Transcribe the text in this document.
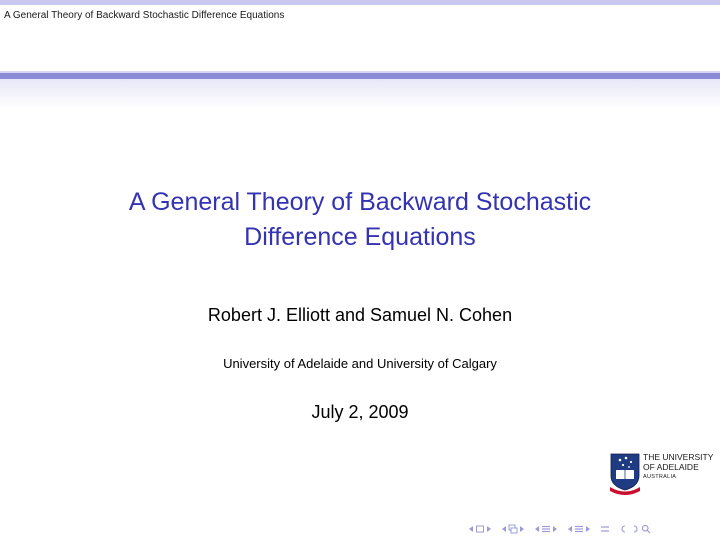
A General Theory of Backward Stochastic Difference Equations
A General Theory of Backward Stochastic
Difference Equations
Robert J. Elliott and Samuel N. Cohen
University of Adelaide and University of Calgary
July 2, 2009
THE UNIVERSITY
OF ADELAIDE
AUSTRALIA
